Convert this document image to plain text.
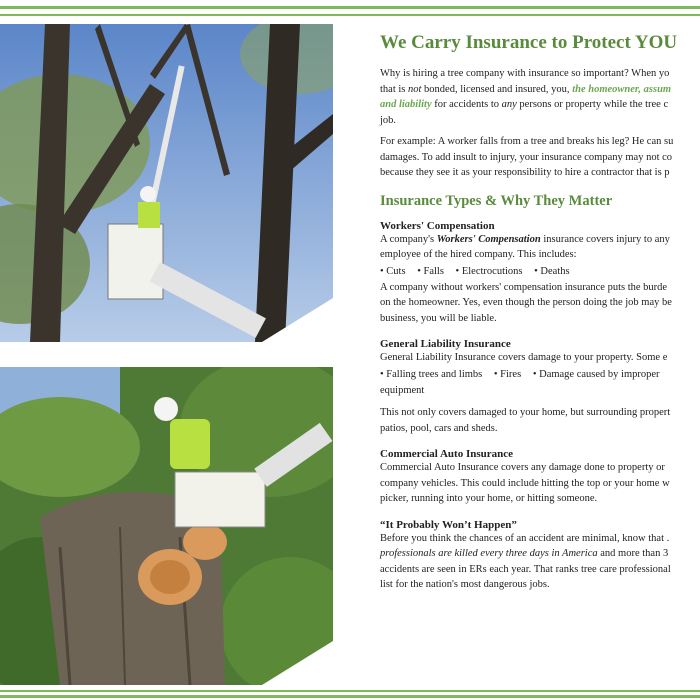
We Carry Insurance to Protect YOU

Why is hiring a tree company with insurance so important? When yo

that is not bonded, licensed and insured, you, the homeowner, assum

and liability for accidents to any persons or property while the tree c

job.

For example: A worker falls from a tree and breaks his leg? He can su

damages. To add insult to injury, your insurance company may not co

because they see it as your responsibility to hire a contractor that is p

Insurance Types & Why They Matter
Workers' Compensation

A company's Workers' Compensation insurance covers injury to any

employee of the hired company. This includes:

• Cuts • Falls • Electrocutions • Deaths

A company without workers' compensation insurance puts the burde

on the homeowner. Yes, even though the person doing the job may be

business, you will be liable.

General Liability Insurance

General Liability Insurance covers damage to your property. Some e

• Falling trees and limbs • Fires • Damage caused by improper

equipment

This not only covers damaged to your home, but surrounding propert

patios, pool, cars and sheds.

Commercial Auto Insurance

Commercial Auto Insurance covers any damage done to property or

company vehicles. This could include hitting the top or your home w

picker, running into your home, or hitting someone.

“It Probably Won’t Happen”

Before you think the chances of an accident are minimal, know that .

professionals are killed every three days in America and more than 3

accidents are seen in ERs each year. That ranks tree care professional

list for the nation's most dangerous jobs.
